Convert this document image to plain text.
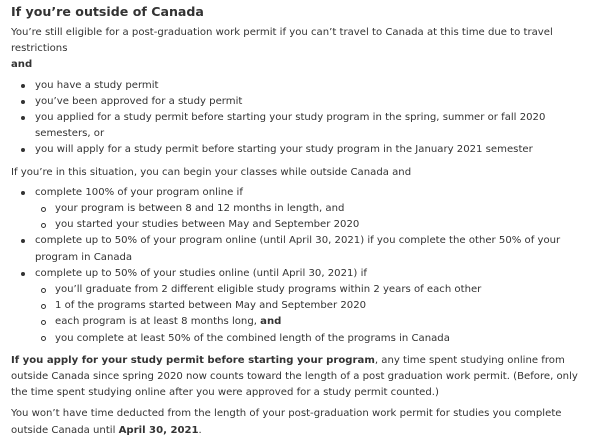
If you’re outside of Canada

You’re still eligible for a post-graduation work permit if you can’t travel to Canada at this time due to travel restrictions
and

you have a study permit
you’ve been approved for a study permit
you applied for a study permit before starting your study program in the spring, summer or fall 2020 semesters, or
you will apply for a study permit before starting your study program in the January 2021 semester

If you’re in this situation, you can begin your classes while outside Canada and

complete 100% of your program online if
your program is between 8 and 12 months in length, and
you started your studies between May and September 2020
complete up to 50% of your program online (until April 30, 2021) if you complete the other 50% of your program in Canada
complete up to 50% of your studies online (until April 30, 2021) if
you’ll graduate from 2 different eligible study programs within 2 years of each other
1 of the programs started between May and September 2020
each program is at least 8 months long, and
you complete at least 50% of the combined length of the programs in Canada

If you apply for your study permit before starting your program, any time spent studying online from outside Canada since spring 2020 now counts toward the length of a post graduation work permit. (Before, only the time spent studying online after you were approved for a study permit counted.)

You won’t have time deducted from the length of your post-graduation work permit for studies you complete outside Canada until April 30, 2021.
